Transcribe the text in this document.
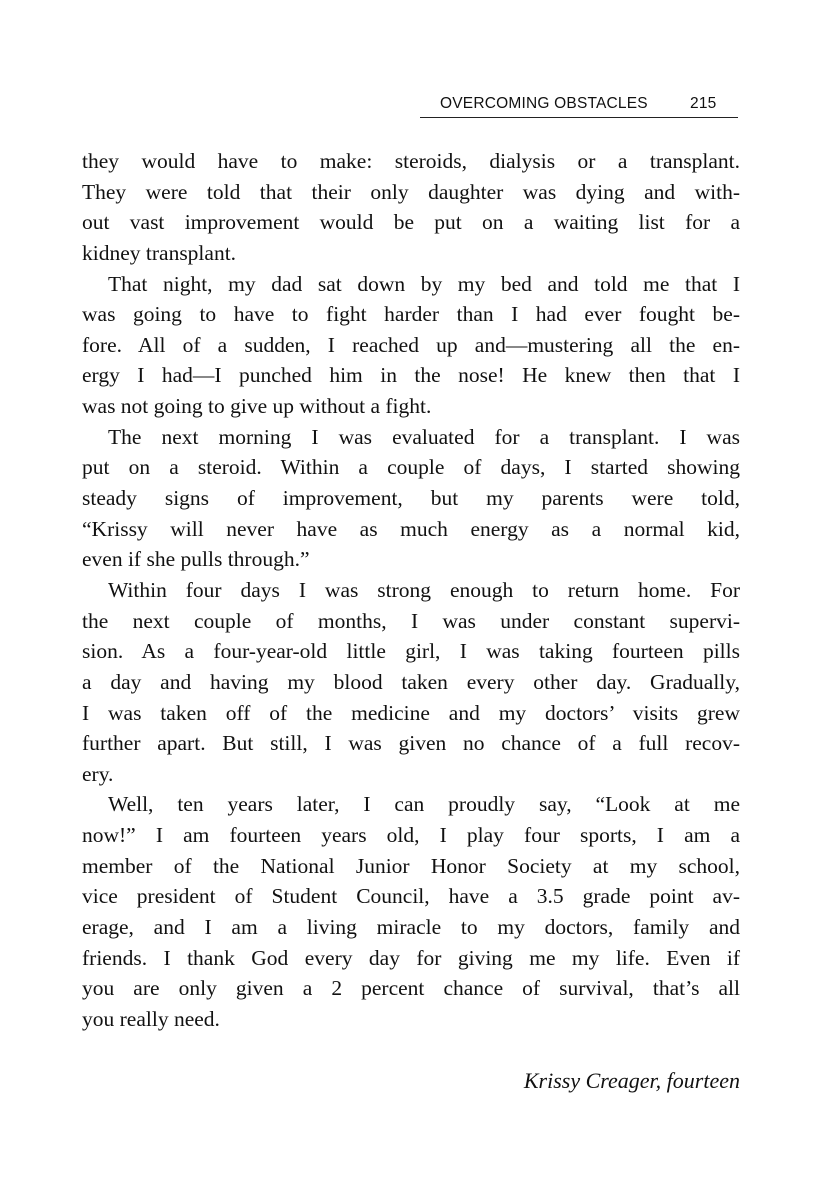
OVERCOMING OBSTACLES	215
they would have to make: steroids, dialysis or a transplant.
They were told that their only daughter was dying and with-
out vast improvement would be put on a waiting list for a
kidney transplant.
That night, my dad sat down by my bed and told me that I
was going to have to fight harder than I had ever fought be-
fore. All of a sudden, I reached up and—mustering all the en-
ergy I had—I punched him in the nose! He knew then that I
was not going to give up without a fight.
The next morning I was evaluated for a transplant. I was
put on a steroid. Within a couple of days, I started showing
steady signs of improvement, but my parents were told,
“Krissy will never have as much energy as a normal kid,
even if she pulls through.”
Within four days I was strong enough to return home. For
the next couple of months, I was under constant supervi-
sion. As a four-year-old little girl, I was taking fourteen pills
a day and having my blood taken every other day. Gradually,
I was taken off of the medicine and my doctors’ visits grew
further apart. But still, I was given no chance of a full recov-
ery.
Well, ten years later, I can proudly say, “Look at me
now!” I am fourteen years old, I play four sports, I am a
member of the National Junior Honor Society at my school,
vice president of Student Council, have a 3.5 grade point av-
erage, and I am a living miracle to my doctors, family and
friends. I thank God every day for giving me my life. Even if
you are only given a 2 percent chance of survival, that’s all
you really need.
Krissy Creager, fourteen
